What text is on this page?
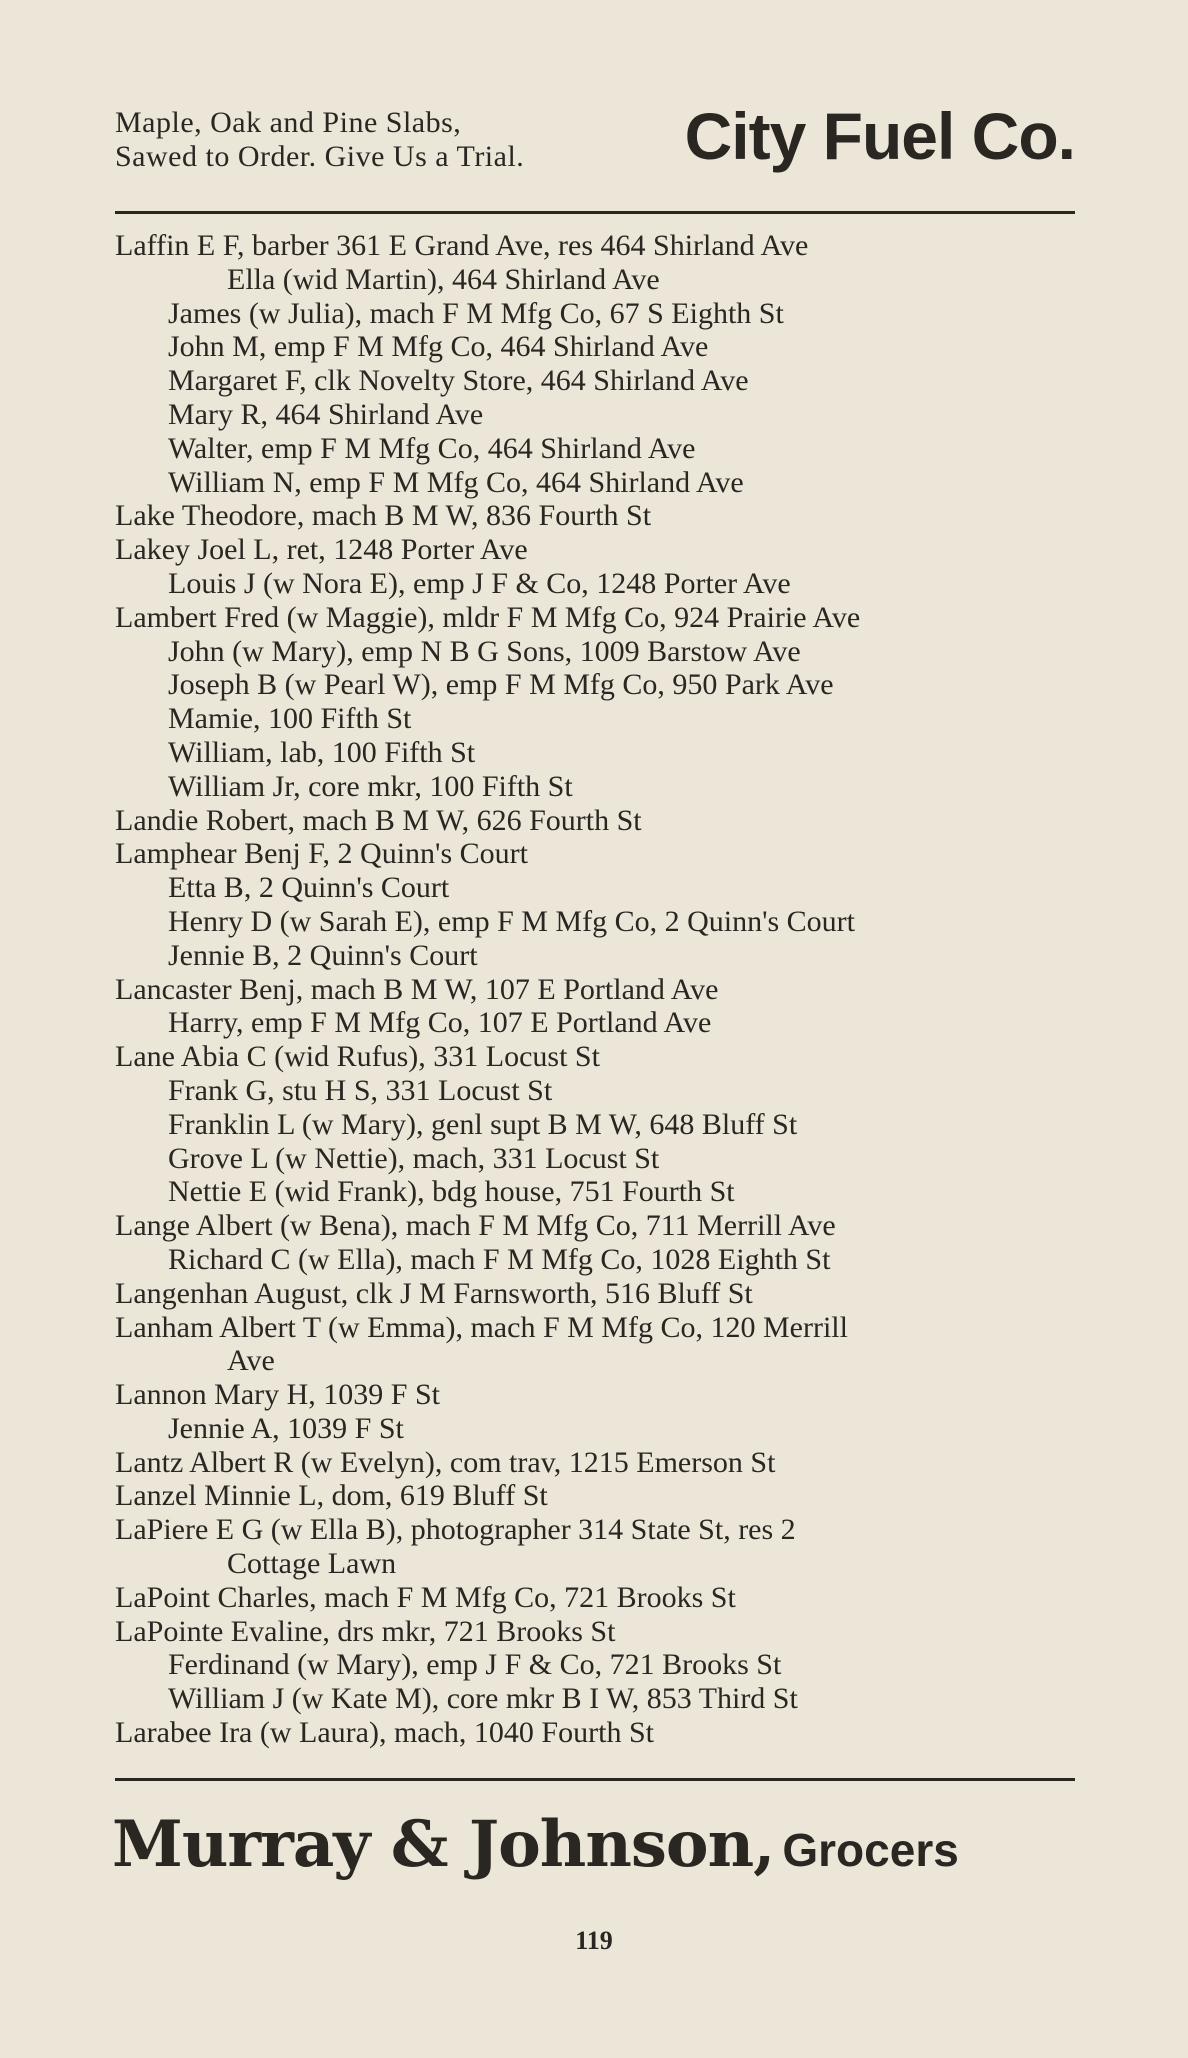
Maple, Oak and Pine Slabs,
Sawed to Order. Give Us a Trial. City Fuel Co.
Laffin E F, barber 361 E Grand Ave, res 464 Shirland Ave
Ella (wid Martin), 464 Shirland Ave
James (w Julia), mach F M Mfg Co, 67 S Eighth St
John M, emp F M Mfg Co, 464 Shirland Ave
Margaret F, clk Novelty Store, 464 Shirland Ave
Mary R, 464 Shirland Ave
Walter, emp F M Mfg Co, 464 Shirland Ave
William N, emp F M Mfg Co, 464 Shirland Ave
Lake Theodore, mach B M W, 836 Fourth St
Lakey Joel L, ret, 1248 Porter Ave
Louis J (w Nora E), emp J F & Co, 1248 Porter Ave
Lambert Fred (w Maggie), mldr F M Mfg Co, 924 Prairie Ave
John (w Mary), emp N B G Sons, 1009 Barstow Ave
Joseph B (w Pearl W), emp F M Mfg Co, 950 Park Ave
Mamie, 100 Fifth St
William, lab, 100 Fifth St
William Jr, core mkr, 100 Fifth St
Landie Robert, mach B M W, 626 Fourth St
Lamphear Benj F, 2 Quinn's Court
Etta B, 2 Quinn's Court
Henry D (w Sarah E), emp F M Mfg Co, 2 Quinn's Court
Jennie B, 2 Quinn's Court
Lancaster Benj, mach B M W, 107 E Portland Ave
Harry, emp F M Mfg Co, 107 E Portland Ave
Lane Abia C (wid Rufus), 331 Locust St
Frank G, stu H S, 331 Locust St
Franklin L (w Mary), genl supt B M W, 648 Bluff St
Grove L (w Nettie), mach, 331 Locust St
Nettie E (wid Frank), bdg house, 751 Fourth St
Lange Albert (w Bena), mach F M Mfg Co, 711 Merrill Ave
Richard C (w Ella), mach F M Mfg Co, 1028 Eighth St
Langenhan August, clk J M Farnsworth, 516 Bluff St
Lanham Albert T (w Emma), mach F M Mfg Co, 120 Merrill
Ave
Lannon Mary H, 1039 F St
Jennie A, 1039 F St
Lantz Albert R (w Evelyn), com trav, 1215 Emerson St
Lanzel Minnie L, dom, 619 Bluff St
LaPiere E G (w Ella B), photographer 314 State St, res 2
Cottage Lawn
LaPoint Charles, mach F M Mfg Co, 721 Brooks St
LaPointe Evaline, drs mkr, 721 Brooks St
Ferdinand (w Mary), emp J F & Co, 721 Brooks St
William J (w Kate M), core mkr B I W, 853 Third St
Larabee Ira (w Laura), mach, 1040 Fourth St
Murray & Johnson, Grocers
119
